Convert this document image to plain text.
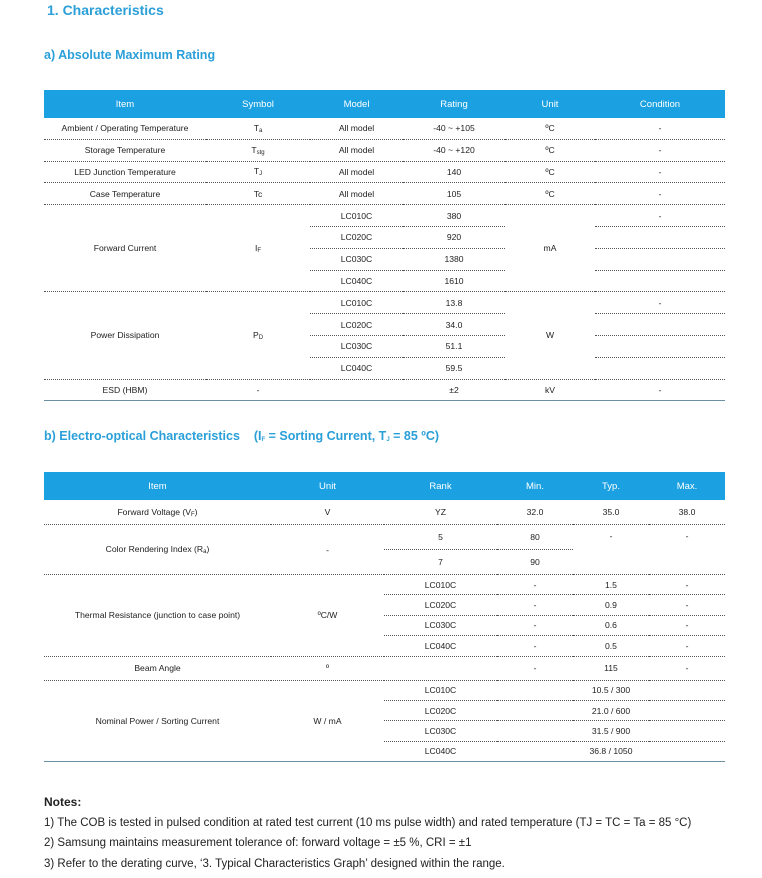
1. Characteristics
a) Absolute Maximum Rating
Item	Symbol	Model	Rating	Unit	Condition
Ambient / Operating Temperature	Ta	All model	-40 ~ +105	ºC	-
Storage Temperature	Tstg	All model	-40 ~ +120	ºC	-
LED Junction Temperature	TJ	All model	140	ºC	-
Case Temperature	Tc	All model	105	ºC	-
Forward Current	IF	LC010C	380	mA	-
		LC020C	920		
		LC030C	1380		
		LC040C	1610		
Power Dissipation	PD	LC010C	13.8	W	-
		LC020C	34.0		
		LC030C	51.1		
		LC040C	59.5		
ESD (HBM)	-		±2	kV	-
b) Electro-optical Characteristics (IF = Sorting Current, TJ = 85 ºC)
Item	Unit	Rank	Min.	Typ.	Max.
Forward Voltage (VF)	V	YZ	32.0	35.0	38.0
Color Rendering Index (Ra)	-	5	80	-	-
		7	90		
Thermal Resistance (junction to case point)	ºC/W	LC010C	-	1.5	-
		LC020C	-	0.9	-
		LC030C	-	0.6	-
		LC040C	-	0.5	-
Beam Angle	º		-	115	-
Nominal Power / Sorting Current	W / mA	LC010C	10.5 / 300		
		LC020C	21.0 / 600		
		LC030C	31.5 / 900		
		LC040C	36.8 / 1050		
Notes:
1) The COB is tested in pulsed condition at rated test current (10 ms pulse width) and rated temperature (TJ = TC = Ta = 85 °C)
2) Samsung maintains measurement tolerance of: forward voltage = ±5 %, CRI = ±1
3) Refer to the derating curve, ‘3. Typical Characteristics Graph’ designed within the range.
